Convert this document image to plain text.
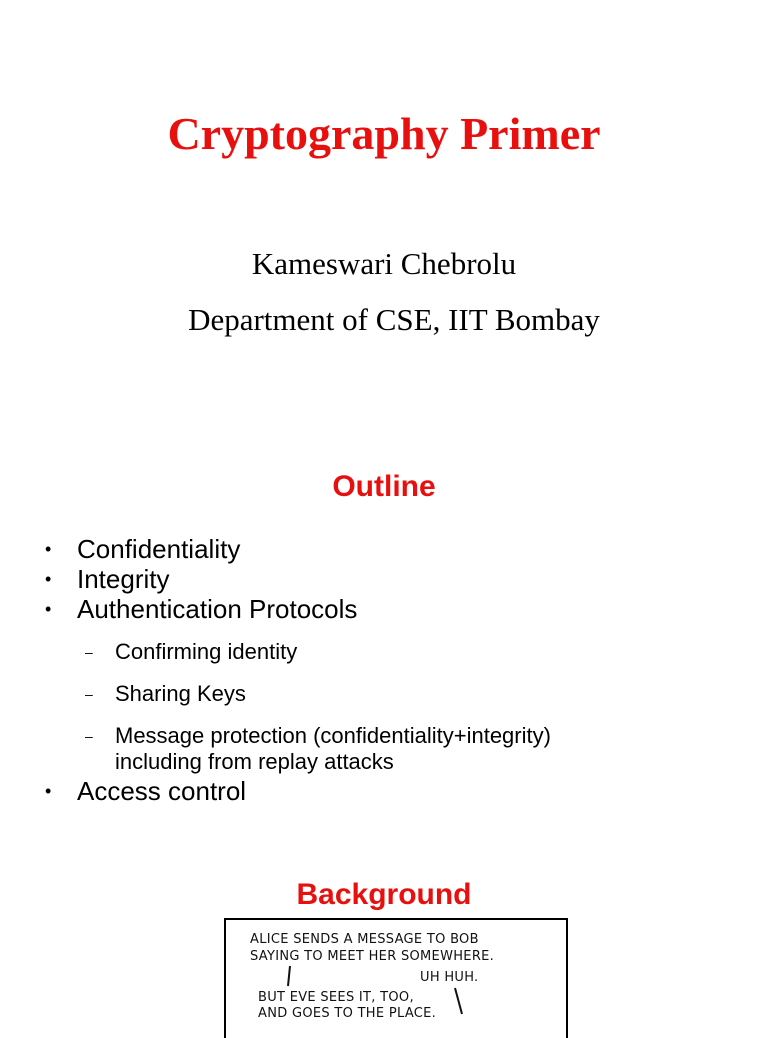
Cryptography Primer
Kameswari Chebrolu
Department of CSE, IIT Bombay
Outline
• Confidentiality
• Integrity
• Authentication Protocols
– Confirming identity
– Sharing Keys
– Message protection (confidentiality+integrity)
including from replay attacks
• Access control
Background
ALICE SENDS A MESSAGE TO BOB
SAYING TO MEET HER SOMEWHERE.
UH HUH.
BUT EVE SEES IT, TOO,
AND GOES TO THE PLACE.
